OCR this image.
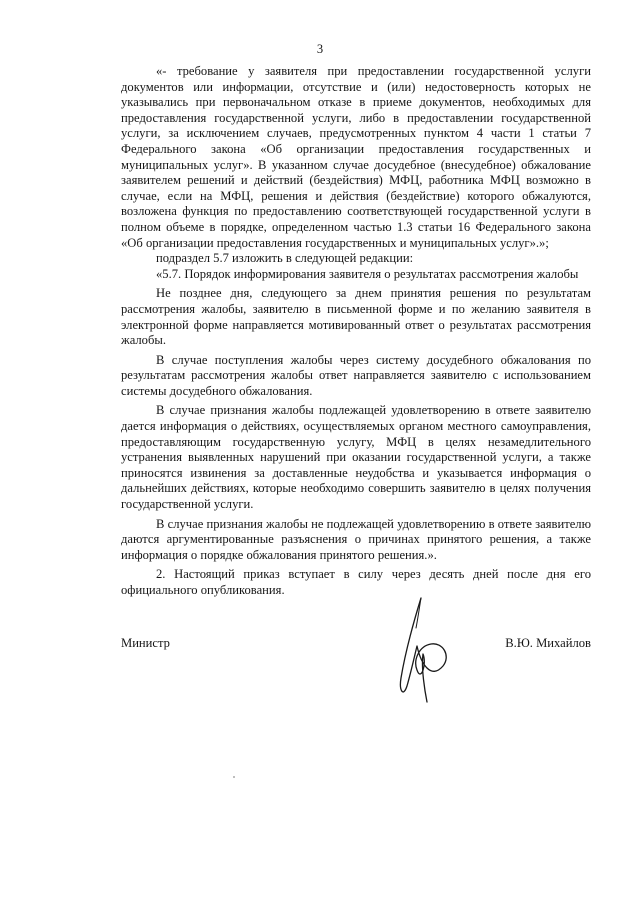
3

«- требование у заявителя при предоставлении государственной услуги документов или информации, отсутствие и (или) недостоверность которых не указывались при первоначальном отказе в приеме документов, необходимых для предоставления государственной услуги, либо в предоставлении государственной услуги, за исключением случаев, предусмотренных пунктом 4 части 1 статьи 7 Федерального закона «Об организации предоставления государственных и муниципальных услуг». В указанном случае досудебное (внесудебное) обжалование заявителем решений и действий (бездействия) МФЦ, работника МФЦ возможно в случае, если на МФЦ, решения и действия (бездействие) которого обжалуются, возложена функция по предоставлению соответствующей государственной услуги в полном объеме в порядке, определенном частью 1.3 статьи 16 Федерального закона «Об организации предоставления государственных и муниципальных услуг».»;

подраздел 5.7 изложить в следующей редакции:

«5.7. Порядок информирования заявителя о результатах рассмотрения жалобы

Не позднее дня, следующего за днем принятия решения по результатам рассмотрения жалобы, заявителю в письменной форме и по желанию заявителя в электронной форме направляется мотивированный ответ о результатах рассмотрения жалобы.

В случае поступления жалобы через систему досудебного обжалования по результатам рассмотрения жалобы ответ направляется заявителю с использованием системы досудебного обжалования.

В случае признания жалобы подлежащей удовлетворению в ответе заявителю дается информация о действиях, осуществляемых органом местного самоуправления, предоставляющим государственную услугу, МФЦ в целях незамедлительного устранения выявленных нарушений при оказании государственной услуги, а также приносятся извинения за доставленные неудобства и указывается информация о дальнейших действиях, которые необходимо совершить заявителю в целях получения государственной услуги.

В случае признания жалобы не подлежащей удовлетворению в ответе заявителю даются аргументированные разъяснения о причинах принятого решения, а также информация о порядке обжалования принятого решения.».

2. Настоящий приказ вступает в силу через десять дней после дня его официального опубликования.

Министр	В.Ю. Михайлов
